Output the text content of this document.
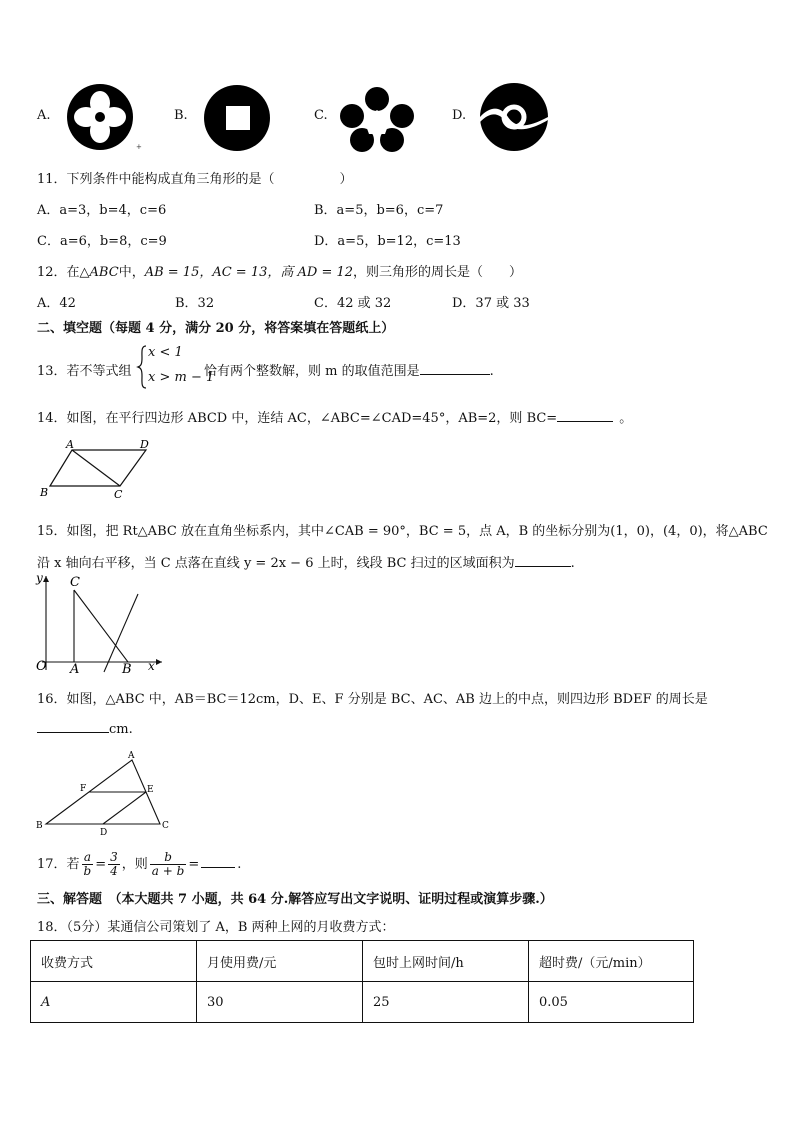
A.
+
B.	C.	D.
11．下列条件中能构成直角三角形的是（　　　　　）
A．a=3，b=4，c=6	B．a=5，b=6，c=7
C．a=6，b=8，c=9	D．a=5，b=12，c=13
12．在△ABC中，AB = 15，AC = 13，高 AD = 12，则三角形的周长是（　　）
A．42	B．32	C．42 或 32	D．37 或 33
二、填空题（每题 4 分，满分 20 分，将答案填在答题纸上）
13．若不等式组
x < 1
x > m − 1
恰有两个整数解，则 m 的取值范围是	.
14．如图，在平行四边形 ABCD 中，连结 AC，∠ABC=∠CAD=45°，AB=2，则 BC=	。
A	D
B	C
15．如图，把 Rt△ABC 放在直角坐标系内，其中∠CAB = 90°，BC = 5，点 A，B 的坐标分别为(1，0)，(4，0)，将△ABC
沿 x 轴向右平移，当 C 点落在直线 y = 2x − 6 上时，线段 BC 扫过的区域面积为	.
y C
O A	B x
16．如图，△ABC 中，AB＝BC＝12cm，D、E、F 分别是 BC、AC、AB 边上的中点，则四边形 BDEF 的周长是
cm.
A
B	C
D
E
F
17．若 $\frac{a}{b} = \frac{3}{4}$ ，则 $\frac{b}{a + b}$ =	.
三、解答题　（本大题共 7 小题，共 64 分.解答应写出文字说明、证明过程或演算步骤.）
18．（5分）某通信公司策划了 A，B 两种上网的月收费方式：
收费方式	月使用费/元	包时上网时间/h	超时费/（元/min）
A	30	25	0.05
